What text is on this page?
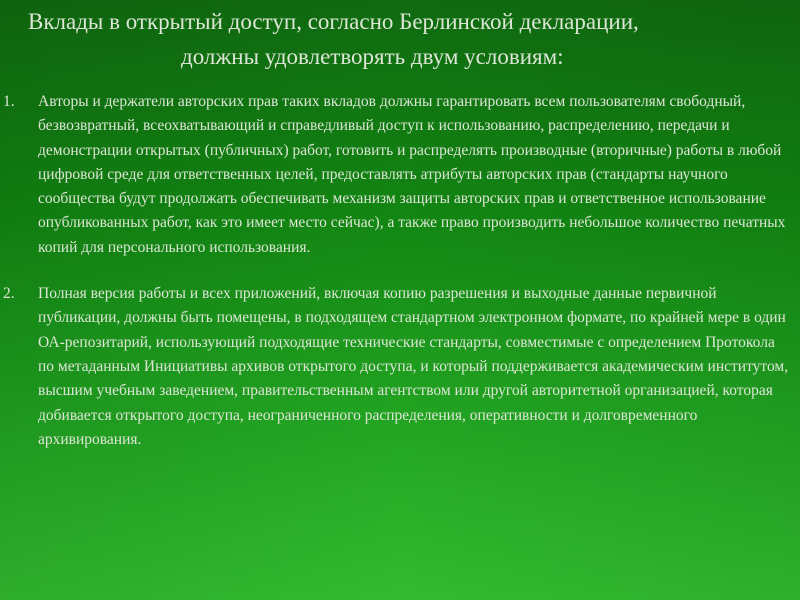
Вклады в открытый доступ, согласно Берлинской декларации,
должны удовлетворять двум условиям:
1. Авторы и держатели авторских прав таких вкладов должны гарантировать всем пользователям свободный, безвозвратный, всеохватывающий и справедливый доступ к использованию, распределению, передачи и демонстрации открытых (публичных) работ, готовить и распределять производные (вторичные) работы в любой цифровой среде для ответственных целей, предоставлять атрибуты авторских прав (стандарты научного сообщества будут продолжать обеспечивать механизм защиты авторских прав и ответственное использование опубликованных работ, как это имеет место сейчас), а также право производить небольшое количество печатных копий для персонального использования.
2. Полная версия работы и всех приложений, включая копию разрешения и выходные данные первичной публикации, должны быть помещены, в подходящем стандартном электронном формате, по крайней мере в один ОА-репозитарий, использующий подходящие технические стандарты, совместимые с определением Протокола по метаданным Инициативы архивов открытого доступа, и который поддерживается академическим институтом, высшим учебным заведением, правительственным агентством или другой авторитетной организацией, которая добивается открытого доступа, неограниченного распределения, оперативности и долговременного архивирования.
